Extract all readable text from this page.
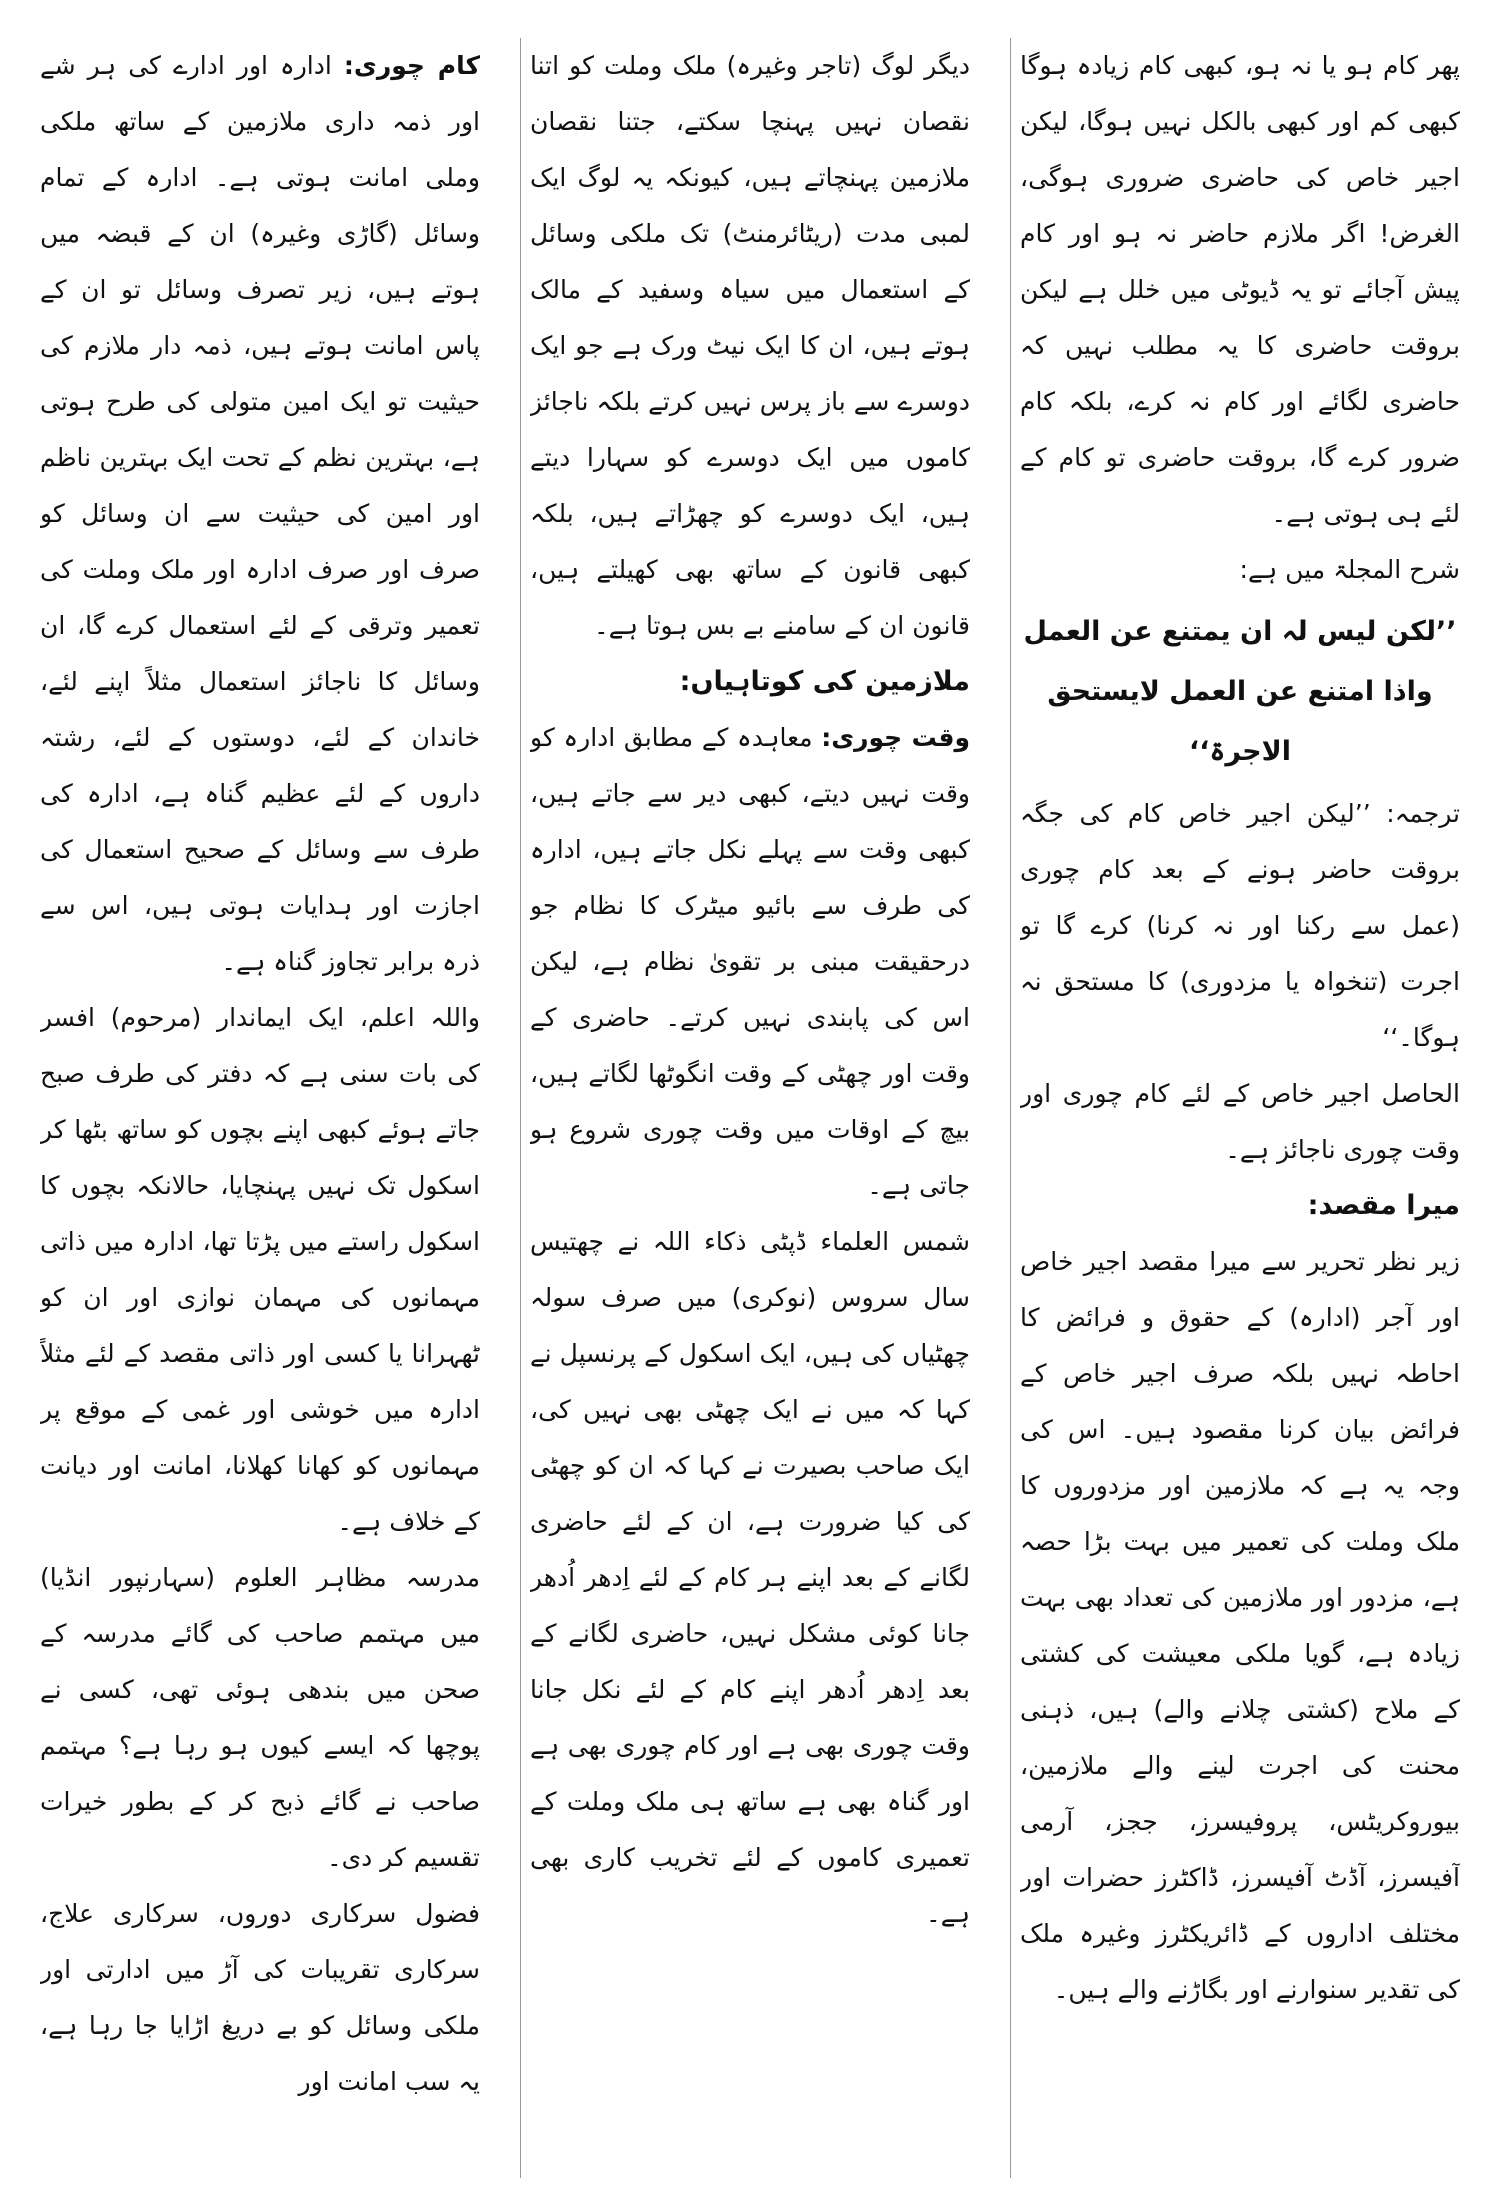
پھر کام ہو یا نہ ہو، کبھی کام زیادہ ہوگا کبھی کم اور کبھی بالکل نہیں ہوگا، لیکن اجیر خاص کی حاضری ضروری ہوگی، الغرض! اگر ملازم حاضر نہ ہو اور کام پیش آجائے تو یہ ڈیوٹی میں خلل ہے لیکن بروقت حاضری کا یہ مطلب نہیں کہ حاضری لگائے اور کام نہ کرے، بلکہ کام ضرور کرے گا، بروقت حاضری تو کام کے لئے ہی ہوتی ہے۔

شرح المجلۃ میں ہے:

’’لکن لیس لہ ان یمتنع عن العمل واذا امتنع عن العمل لایستحق الاجرۃ‘‘

ترجمہ: ’’لیکن اجیر خاص کام کی جگہ بروقت حاضر ہونے کے بعد کام چوری (عمل سے رکنا اور نہ کرنا) کرے گا تو اجرت (تنخواہ یا مزدوری) کا مستحق نہ ہوگا۔‘‘

الحاصل اجیر خاص کے لئے کام چوری اور وقت چوری ناجائز ہے۔

میرا مقصد:

زیر نظر تحریر سے میرا مقصد اجیر خاص اور آجر (ادارہ) کے حقوق و فرائض کا احاطہ نہیں بلکہ صرف اجیر خاص کے فرائض بیان کرنا مقصود ہیں۔ اس کی وجہ یہ ہے کہ ملازمین اور مزدوروں کا ملک وملت کی تعمیر میں بہت بڑا حصہ ہے، مزدور اور ملازمین کی تعداد بھی بہت زیادہ ہے، گویا ملکی معیشت کی کشتی کے ملاح (کشتی چلانے والے) ہیں، ذہنی محنت کی اجرت لینے والے ملازمین، بیوروکریٹس، پروفیسرز، ججز، آرمی آفیسرز، آڈٹ آفیسرز، ڈاکٹرز حضرات اور مختلف اداروں کے ڈائریکٹرز وغیرہ ملک کی تقدیر سنوارنے اور بگاڑنے والے ہیں۔

دیگر لوگ (تاجر وغیرہ) ملک وملت کو اتنا نقصان نہیں پہنچا سکتے، جتنا نقصان ملازمین پہنچاتے ہیں، کیونکہ یہ لوگ ایک لمبی مدت (ریٹائرمنٹ) تک ملکی وسائل کے استعمال میں سیاہ وسفید کے مالک ہوتے ہیں، ان کا ایک نیٹ ورک ہے جو ایک دوسرے سے باز پرس نہیں کرتے بلکہ ناجائز کاموں میں ایک دوسرے کو سہارا دیتے ہیں، ایک دوسرے کو چھڑاتے ہیں، بلکہ کبھی قانون کے ساتھ بھی کھیلتے ہیں، قانون ان کے سامنے بے بس ہوتا ہے۔

ملازمین کی کوتاہیاں:

وقت چوری: معاہدہ کے مطابق ادارہ کو وقت نہیں دیتے، کبھی دیر سے جاتے ہیں، کبھی وقت سے پہلے نکل جاتے ہیں، ادارہ کی طرف سے بائیو میٹرک کا نظام جو درحقیقت مبنی بر تقویٰ نظام ہے، لیکن اس کی پابندی نہیں کرتے۔ حاضری کے وقت اور چھٹی کے وقت انگوٹھا لگاتے ہیں، بیچ کے اوقات میں وقت چوری شروع ہو جاتی ہے۔

شمس العلماء ڈپٹی ذکاء اللہ نے چھتیس سال سروس (نوکری) میں صرف سولہ چھٹیاں کی ہیں، ایک اسکول کے پرنسپل نے کہا کہ میں نے ایک چھٹی بھی نہیں کی، ایک صاحب بصیرت نے کہا کہ ان کو چھٹی کی کیا ضرورت ہے، ان کے لئے حاضری لگانے کے بعد اپنے ہر کام کے لئے اِدھر اُدھر جانا کوئی مشکل نہیں، حاضری لگانے کے بعد اِدھر اُدھر اپنے کام کے لئے نکل جانا وقت چوری بھی ہے اور کام چوری بھی ہے اور گناہ بھی ہے ساتھ ہی ملک وملت کے تعمیری کاموں کے لئے تخریب کاری بھی ہے۔

کام چوری: ادارہ اور ادارے کی ہر شے اور ذمہ داری ملازمین کے ساتھ ملکی وملی امانت ہوتی ہے۔ ادارہ کے تمام وسائل (گاڑی وغیرہ) ان کے قبضہ میں ہوتے ہیں، زیر تصرف وسائل تو ان کے پاس امانت ہوتے ہیں، ذمہ دار ملازم کی حیثیت تو ایک امین متولی کی طرح ہوتی ہے، بہترین نظم کے تحت ایک بہترین ناظم اور امین کی حیثیت سے ان وسائل کو صرف اور صرف ادارہ اور ملک وملت کی تعمیر وترقی کے لئے استعمال کرے گا، ان وسائل کا ناجائز استعمال مثلاً اپنے لئے، خاندان کے لئے، دوستوں کے لئے، رشتہ داروں کے لئے عظیم گناہ ہے، ادارہ کی طرف سے وسائل کے صحیح استعمال کی اجازت اور ہدایات ہوتی ہیں، اس سے ذرہ برابر تجاوز گناہ ہے۔

واللہ اعلم، ایک ایماندار (مرحوم) افسر کی بات سنی ہے کہ دفتر کی طرف صبح جاتے ہوئے کبھی اپنے بچوں کو ساتھ بٹھا کر اسکول تک نہیں پہنچایا، حالانکہ بچوں کا اسکول راستے میں پڑتا تھا، ادارہ میں ذاتی مہمانوں کی مہمان نوازی اور ان کو ٹھہرانا یا کسی اور ذاتی مقصد کے لئے مثلاً ادارہ میں خوشی اور غمی کے موقع پر مہمانوں کو کھانا کھلانا، امانت اور دیانت کے خلاف ہے۔

مدرسہ مظاہر العلوم (سہارنپور انڈیا) میں مہتمم صاحب کی گائے مدرسہ کے صحن میں بندھی ہوئی تھی، کسی نے پوچھا کہ ایسے کیوں ہو رہا ہے؟ مہتمم صاحب نے گائے ذبح کر کے بطور خیرات تقسیم کر دی۔

فضول سرکاری دوروں، سرکاری علاج، سرکاری تقریبات کی آڑ میں ادارتی اور ملکی وسائل کو بے دریغ اڑایا جا رہا ہے، یہ سب امانت اور
